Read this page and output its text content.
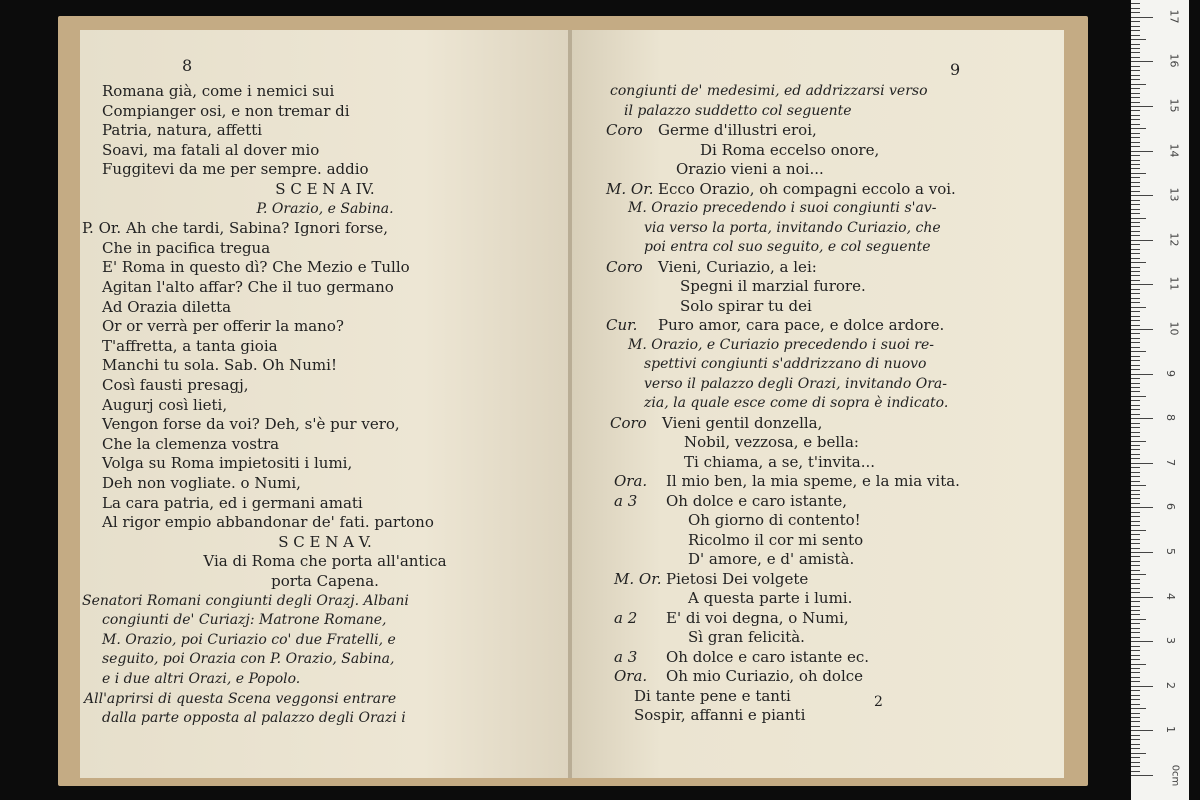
8
Romana già, come i nemici sui
Compianger osi, e non tremar di
Patria, natura, affetti
Soavi, ma fatali al dover mio
Fuggitevi da me per sempre. addio
S C E N A IV.
P. Orazio, e Sabina.
P. Or. Ah che tardi, Sabina? Ignori forse,
Che in pacifica tregua
E' Roma in questo dì? Che Mezio e Tullo
Agitan l'alto affar? Che il tuo germano
Ad Orazia diletta
Or or verrà per offerir la mano?
T'affretta, a tanta gioia
Manchi tu sola. Sab. Oh Numi!
Così fausti presagj,
Augurj così lieti,
Vengon forse da voi? Deh, s'è pur vero,
Che la clemenza vostra
Volga su Roma impietositi i lumi,
Deh non vogliate. o Numi,
La cara patria, ed i germani amati
Al rigor empio abbandonar de' fati. partono
S C E N A V.
Via di Roma che porta all'antica
porta Capena.
Senatori Romani congiunti degli Orazj. Albani
congiunti de' Curiazj: Matrone Romane,
M. Orazio, poi Curiazio co' due Fratelli, e
seguito, poi Orazia con P. Orazio, Sabina,
e i due altri Orazi, e Popolo.
All'aprirsi di questa Scena veggonsi entrare
dalla parte opposta al palazzo degli Orazi i
9
2
congiunti de' medesimi, ed addrizzarsi verso
il palazzo suddetto col seguente
Coro Germe d'illustri eroi,
Di Roma eccelso onore,
Orazio vieni a noi...
M. Or. Ecco Orazio, oh compagni eccolo a voi.
M. Orazio precedendo i suoi congiunti s'av-
via verso la porta, invitando Curiazio, che
poi entra col suo seguito, e col seguente
Coro Vieni, Curiazio, a lei:
Spegni il marzial furore.
Solo spirar tu dei
Cur. Puro amor, cara pace, e dolce ardore.
M. Orazio, e Curiazio precedendo i suoi re-
spettivi congiunti s'addrizzano di nuovo
verso il palazzo degli Orazi, invitando Ora-
zia, la quale esce come di sopra è indicato.
Coro Vieni gentil donzella,
Nobil, vezzosa, e bella:
Ti chiama, a se, t'invita...
Ora. Il mio ben, la mia speme, e la mia vita.
a 3 Oh dolce e caro istante,
Oh giorno di contento!
Ricolmo il cor mi sento
D' amore, e d' amistà.
M. Or. Pietosi Dei volgete
A questa parte i lumi.
a 2 E' di voi degna, o Numi,
Sì gran felicità.
a 3 Oh dolce e caro istante ec.
Ora. Oh mio Curiazio, oh dolce
Di tante pene e tanti
Sospir, affanni e pianti
0cm
1
2
3
4
5
6
7
8
9
10
11
12
13
14
15
16
17
